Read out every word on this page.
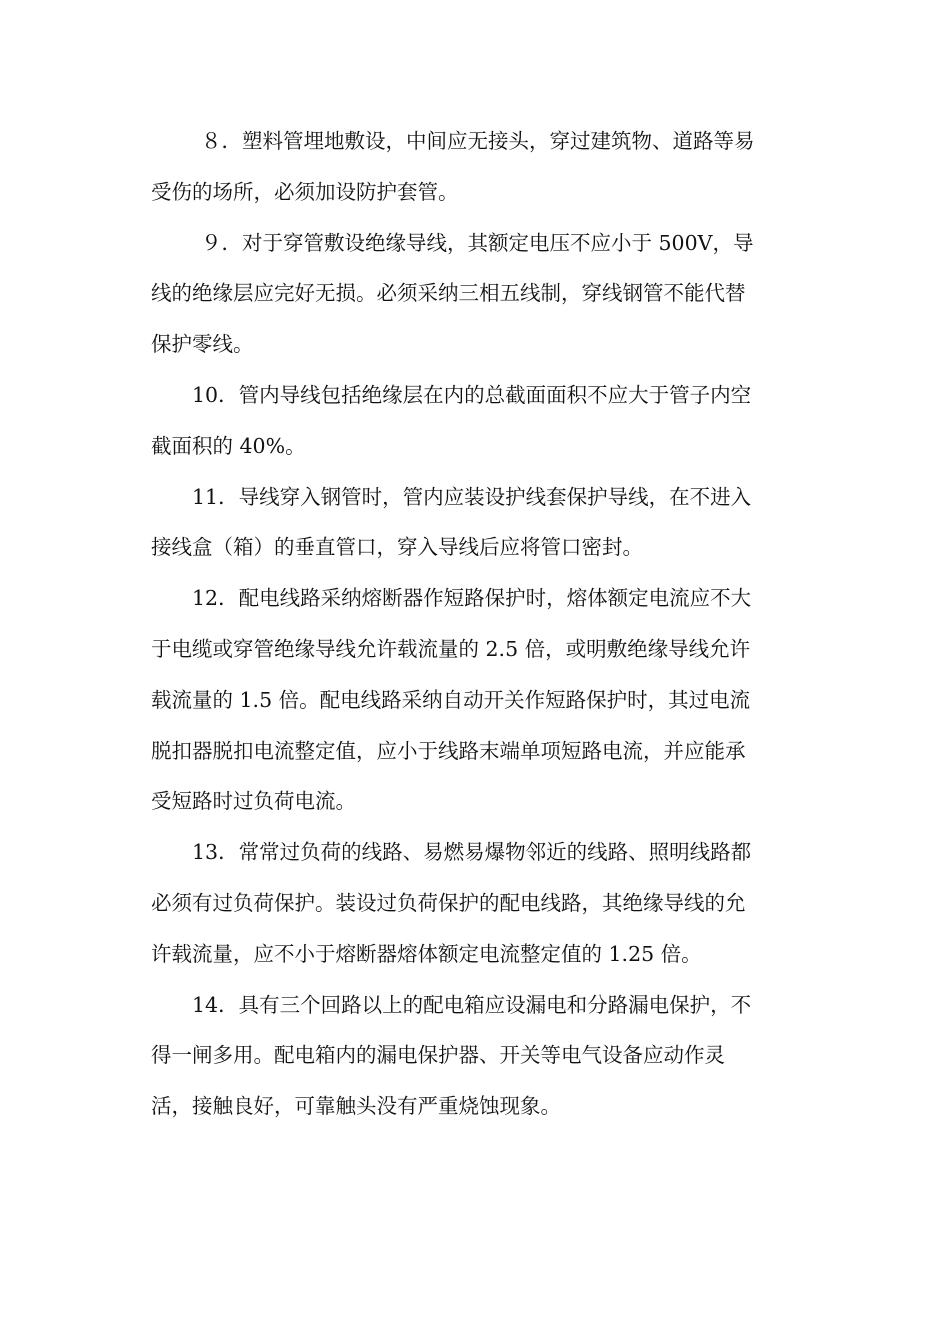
８．塑料管埋地敷设，中间应无接头，穿过建筑物、道路等易
受伤的场所，必须加设防护套管。

９．对于穿管敷设绝缘导线，其额定电压不应小于 500V，导
线的绝缘层应完好无损。必须采纳三相五线制，穿线钢管不能代替
保护零线。

10．管内导线包括绝缘层在内的总截面面积不应大于管子内空
截面积的 40%。

11．导线穿入钢管时，管内应装设护线套保护导线，在不进入
接线盒（箱）的垂直管口，穿入导线后应将管口密封。

12．配电线路采纳熔断器作短路保护时，熔体额定电流应不大
于电缆或穿管绝缘导线允许载流量的 2.5 倍，或明敷绝缘导线允许
载流量的 1.5 倍。配电线路采纳自动开关作短路保护时，其过电流
脱扣器脱扣电流整定值，应小于线路末端单项短路电流，并应能承
受短路时过负荷电流。

13．常常过负荷的线路、易燃易爆物邻近的线路、照明线路都
必须有过负荷保护。装设过负荷保护的配电线路，其绝缘导线的允
许载流量，应不小于熔断器熔体额定电流整定值的 1.25 倍。

14．具有三个回路以上的配电箱应设漏电和分路漏电保护，不
得一闸多用。配电箱内的漏电保护器、开关等电气设备应动作灵
活，接触良好，可靠触头没有严重烧蚀现象。
